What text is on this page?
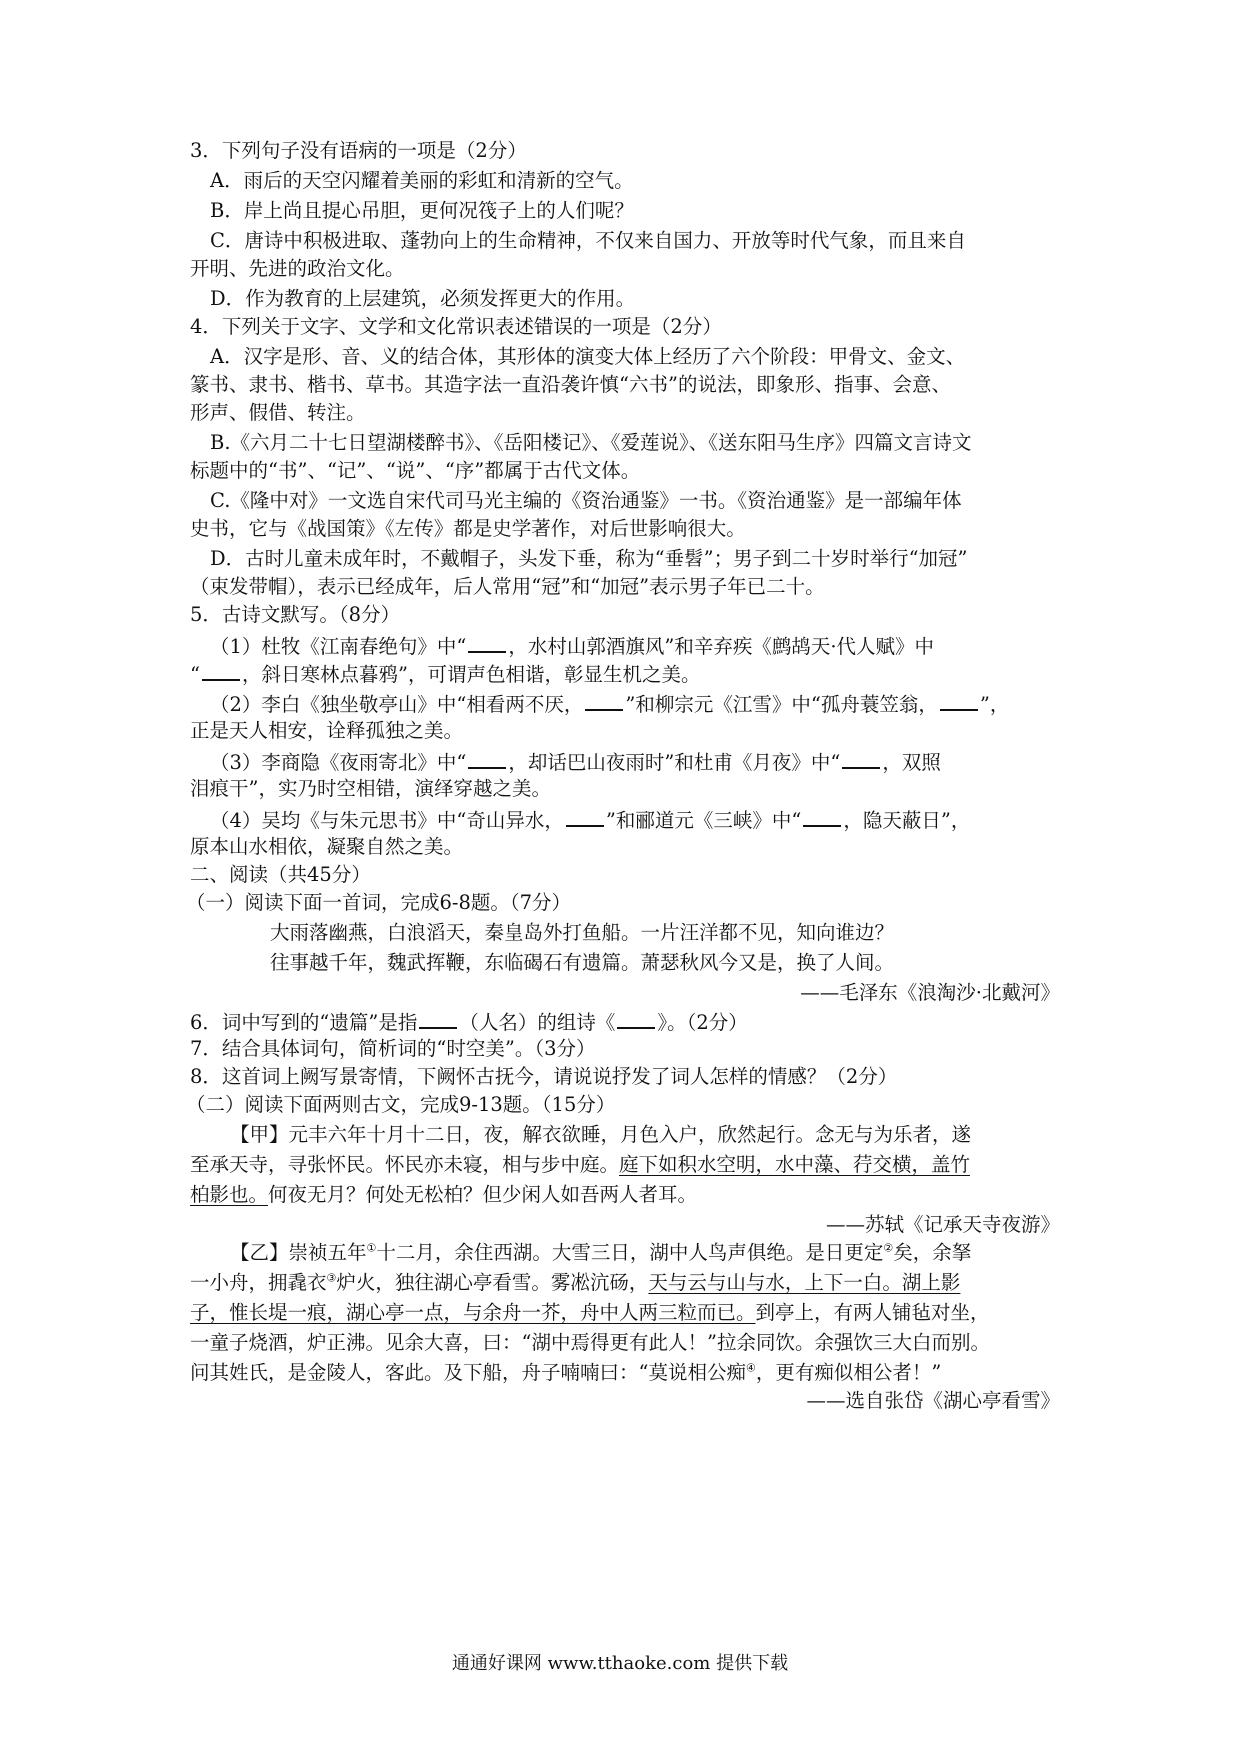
3．下列句子没有语病的一项是（2分）
A．雨后的天空闪耀着美丽的彩虹和清新的空气。
B．岸上尚且提心吊胆，更何况筏子上的人们呢？
C．唐诗中积极进取、蓬勃向上的生命精神，不仅来自国力、开放等时代气象，而且来自
开明、先进的政治文化。
D．作为教育的上层建筑，必须发挥更大的作用。
4．下列关于文字、文学和文化常识表述错误的一项是（2分）
A．汉字是形、音、义的结合体，其形体的演变大体上经历了六个阶段：甲骨文、金文、
篆书、隶书、楷书、草书。其造字法一直沿袭许慎“六书”的说法，即象形、指事、会意、
形声、假借、转注。
B.《六月二十七日望湖楼醉书》、《岳阳楼记》、《爱莲说》、《送东阳马生序》四篇文言诗文
标题中的“书”、“记”、“说”、“序”都属于古代文体。
C.《隆中对》一文选自宋代司马光主编的《资治通鉴》一书。《资治通鉴》是一部编年体
史书，它与《战国策》《左传》都是史学著作，对后世影响很大。
D．古时儿童未成年时，不戴帽子，头发下垂，称为“垂髫”；男子到二十岁时举行“加冠”
（束发带帽），表示已经成年，后人常用“冠”和“加冠”表示男子年已二十。
5．古诗文默写。（8分）
（1）杜牧《江南春绝句》中“ ，水村山郭酒旗风”和辛弃疾《鹧鸪天·代人赋》中
“ ，斜日寒林点暮鸦”，可谓声色相谐，彰显生机之美。
（2）李白《独坐敬亭山》中“相看两不厌， ”和柳宗元《江雪》中“孤舟蓑笠翁， ”，
正是天人相安，诠释孤独之美。
（3）李商隐《夜雨寄北》中“ ，却话巴山夜雨时”和杜甫《月夜》中“ ，双照
泪痕干”，实乃时空相错，演绎穿越之美。
（4）吴均《与朱元思书》中“奇山异水， ”和郦道元《三峡》中“ ，隐天蔽日”，
原本山水相依，凝聚自然之美。
二、阅读（共45分）
（一）阅读下面一首词，完成6-8题。（7分）
大雨落幽燕，白浪滔天，秦皇岛外打鱼船。一片汪洋都不见，知向谁边？
往事越千年，魏武挥鞭，东临碣石有遗篇。萧瑟秋风今又是，换了人间。
——毛泽东《浪淘沙·北戴河》
6．词中写到的“遗篇”是指 （人名）的组诗《 》。（2分）
7．结合具体词句，简析词的“时空美”。（3分）
8．这首词上阙写景寄情，下阙怀古抚今，请说说抒发了词人怎样的情感？（2分）
（二）阅读下面两则古文，完成9-13题。（15分）
【甲】元丰六年十月十二日，夜，解衣欲睡，月色入户，欣然起行。念无与为乐者，遂
至承天寺，寻张怀民。怀民亦未寝，相与步中庭。庭下如积水空明，水中藻、荇交横，盖竹
柏影也。何夜无月？何处无松柏？但少闲人如吾两人者耳。
——苏轼《记承天寺夜游》
【乙】崇祯五年①十二月，余住西湖。大雪三日，湖中人鸟声俱绝。是日更定②矣，余拏
一小舟，拥毳衣③炉火，独往湖心亭看雪。雾凇沆砀，天与云与山与水，上下一白。湖上影
子，惟长堤一痕，湖心亭一点，与余舟一芥，舟中人两三粒而已。到亭上，有两人铺毡对坐，
一童子烧酒，炉正沸。见余大喜，曰：“湖中焉得更有此人！”拉余同饮。余强饮三大白而别。
问其姓氏，是金陵人，客此。及下船，舟子喃喃曰：“莫说相公痴④，更有痴似相公者！”
——选自张岱《湖心亭看雪》
通通好课网 www.tthaoke.com 提供下载
